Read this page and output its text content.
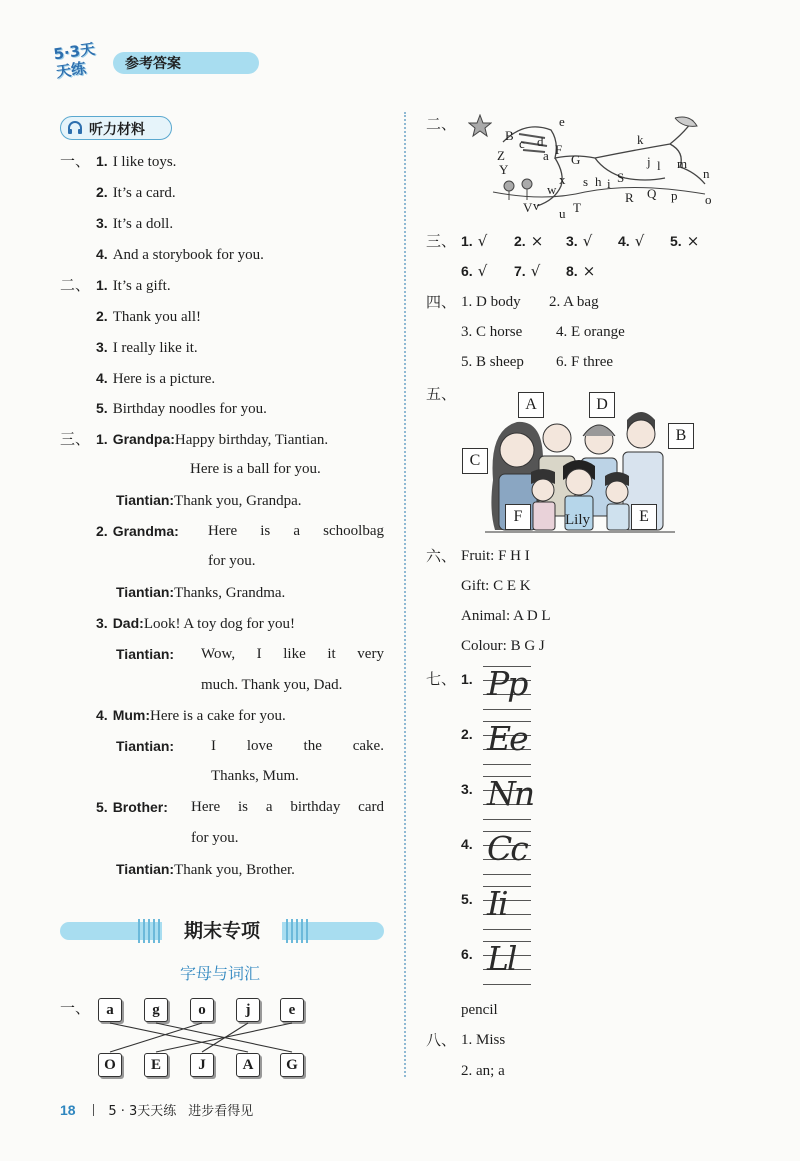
5·3天天练	参考答案
听力材料
一、 1. I like toys.
2. It’s a card.
3. It’s a doll.
4. And a storybook for you.
二、 1. It’s a gift.
2. Thank you all!
3. I really like it.
4. Here is a picture.
5. Birthday noodles for you.
三、 1. Grandpa:Happy birthday, Tiantian.
Here is a ball for you.
Tiantian:Thank you, Grandpa.
2. Grandma: Here is a schoolbag
for you.
Tiantian:Thanks, Grandma.
3. Dad:Look! A toy dog for you!
Tiantian: Wow, I like it very
much. Thank you, Dad.
4. Mum:Here is a cake for you.
Tiantian: I love the cake.
Thanks, Mum.
5. Brother: Here is a birthday card
for you.
Tiantian:Thank you, Brother.
期末专项
字母与词汇
一、	a	g	o	j	e
O	E	J	A	G
二、
B
e
c d
a
Z
Y
F
G
x
w
v
u T
s h i
j
k
l m
n
o
p
Q
R
S
V
三、 1. √ 2. × 3. √ 4. √ 5. ×
6. √ 7. √ 8. ×
四、 1. D body 2. A bag
3. C horse 4. E orange
5. B sheep 6. F three
五、
A	D
B
C
F	E
Lily
六、 Fruit: F H I
Gift: C E K
Animal: A D L
Colour: B G J
七、 1. Pp
2. Ee
3. Nn
4. Cc
5. Ii
6. Ll
pencil
八、 1. Miss
2. an; a
18	5 · 3天天练 进步看得见
